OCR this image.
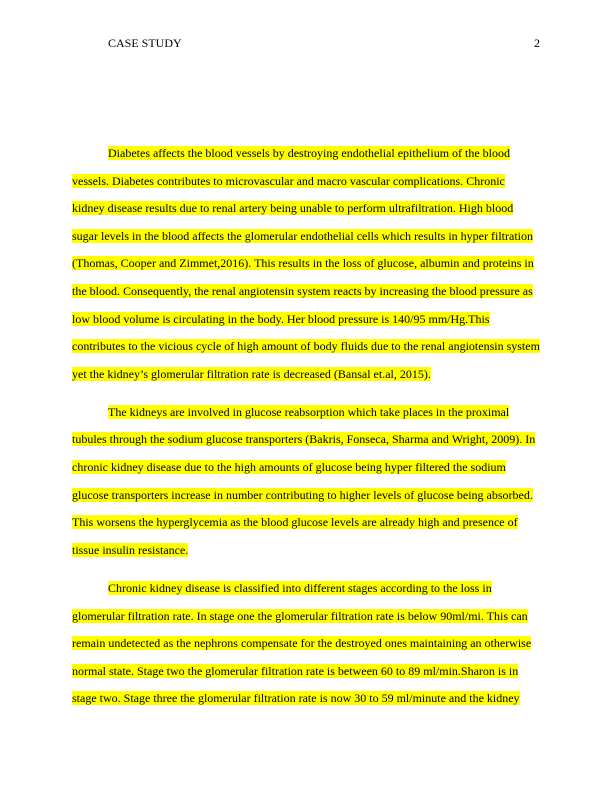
CASE STUDY	2
Diabetes affects the blood vessels by destroying endothelial epithelium of the blood
vessels. Diabetes contributes to microvascular and macro vascular complications. Chronic
kidney disease results due to renal artery being unable to perform ultrafiltration. High blood
sugar levels in the blood affects the glomerular endothelial cells which results in hyper filtration
(Thomas, Cooper and Zimmet,2016). This results in the loss of glucose, albumin and proteins in
the blood. Consequently, the renal angiotensin system reacts by increasing the blood pressure as
low blood volume is circulating in the body. Her blood pressure is 140/95 mm/Hg.This
contributes to the vicious cycle of high amount of body fluids due to the renal angiotensin system
yet the kidney’s glomerular filtration rate is decreased (Bansal et.al, 2015).
The kidneys are involved in glucose reabsorption which take places in the proximal
tubules through the sodium glucose transporters (Bakris, Fonseca, Sharma and Wright, 2009). In
chronic kidney disease due to the high amounts of glucose being hyper filtered the sodium
glucose transporters increase in number contributing to higher levels of glucose being absorbed.
This worsens the hyperglycemia as the blood glucose levels are already high and presence of
tissue insulin resistance.
Chronic kidney disease is classified into different stages according to the loss in
glomerular filtration rate. In stage one the glomerular filtration rate is below 90ml/mi. This can
remain undetected as the nephrons compensate for the destroyed ones maintaining an otherwise
normal state. Stage two the glomerular filtration rate is between 60 to 89 ml/min.Sharon is in
stage two. Stage three the glomerular filtration rate is now 30 to 59 ml/minute and the kidney
